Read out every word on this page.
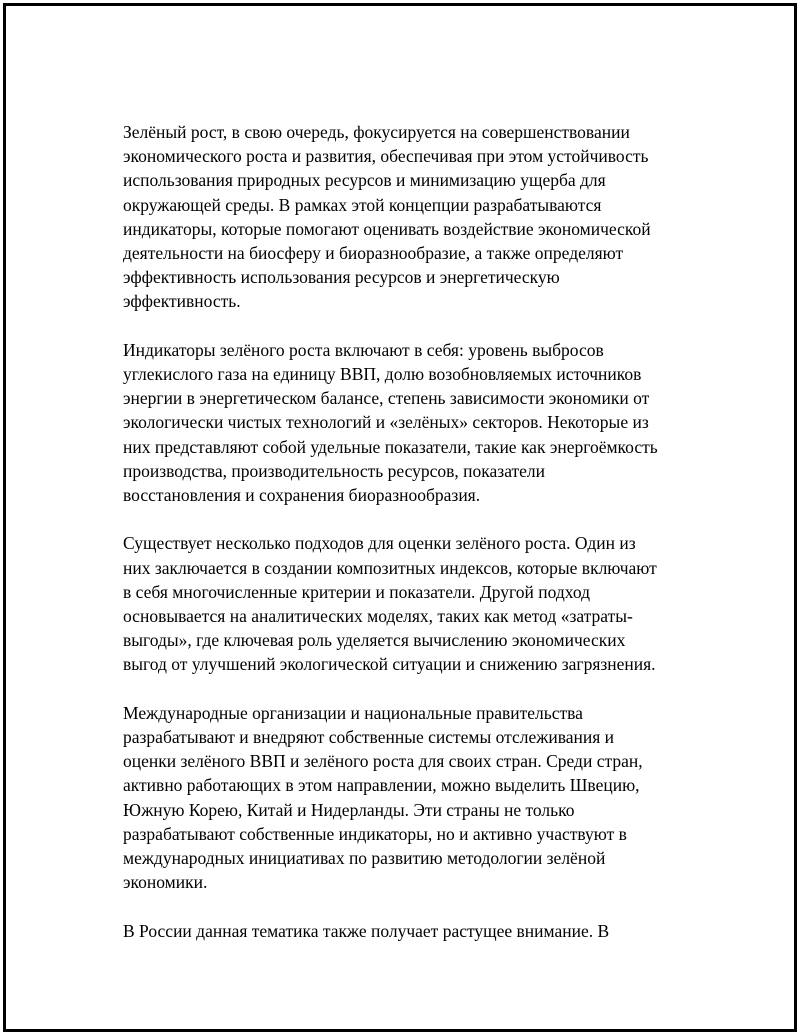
Зелёный рост, в свою очередь, фокусируется на совершенствовании
экономического роста и развития, обеспечивая при этом устойчивость
использования природных ресурсов и минимизацию ущерба для
окружающей среды. В рамках этой концепции разрабатываются
индикаторы, которые помогают оценивать воздействие экономической
деятельности на биосферу и биоразнообразие, а также определяют
эффективность использования ресурсов и энергетическую
эффективность.

Индикаторы зелёного роста включают в себя: уровень выбросов
углекислого газа на единицу ВВП, долю возобновляемых источников
энергии в энергетическом балансе, степень зависимости экономики от
экологически чистых технологий и «зелёных» секторов. Некоторые из
них представляют собой удельные показатели, такие как энергоёмкость
производства, производительность ресурсов, показатели
восстановления и сохранения биоразнообразия.

Существует несколько подходов для оценки зелёного роста. Один из
них заключается в создании композитных индексов, которые включают
в себя многочисленные критерии и показатели. Другой подход
основывается на аналитических моделях, таких как метод «затраты-
выгоды», где ключевая роль уделяется вычислению экономических
выгод от улучшений экологической ситуации и снижению загрязнения.

Международные организации и национальные правительства
разрабатывают и внедряют собственные системы отслеживания и
оценки зелёного ВВП и зелёного роста для своих стран. Среди стран,
активно работающих в этом направлении, можно выделить Швецию,
Южную Корею, Китай и Нидерланды. Эти страны не только
разрабатывают собственные индикаторы, но и активно участвуют в
международных инициативах по развитию методологии зелёной
экономики.

В России данная тематика также получает растущее внимание. В
